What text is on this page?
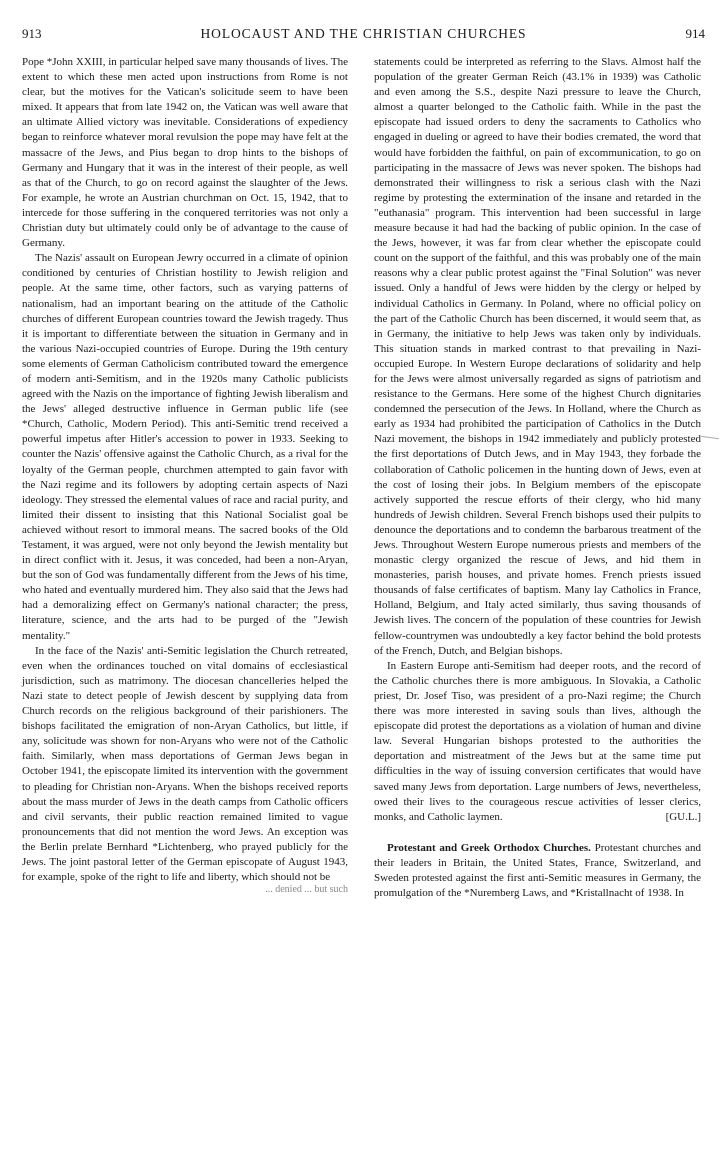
913	HOLOCAUST AND THE CHRISTIAN CHURCHES	914

Pope *John XXIII, in particular helped save many thousands of lives. The extent to which these men acted upon instructions from Rome is not clear, but the motives for the Vatican's solicitude seem to have been mixed. It appears that from late 1942 on, the Vatican was well aware that an ultimate Allied victory was inevitable. Considerations of expediency began to reinforce whatever moral revulsion the pope may have felt at the massacre of the Jews, and Pius began to drop hints to the bishops of Germany and Hungary that it was in the interest of their people, as well as that of the Church, to go on record against the slaughter of the Jews. For example, he wrote an Austrian churchman on Oct. 15, 1942, that to intercede for those suffering in the conquered territories was not only a Christian duty but ultimately could only be of advantage to the cause of Germany.

The Nazis' assault on European Jewry occurred in a climate of opinion conditioned by centuries of Christian hostility to Jewish religion and people. At the same time, other factors, such as varying patterns of nationalism, had an important bearing on the attitude of the Catholic churches of different European countries toward the Jewish tragedy. Thus it is important to differentiate between the situation in Germany and in the various Nazi-occupied countries of Europe. During the 19th century some elements of German Catholicism contributed toward the emergence of modern anti-Semitism, and in the 1920s many Catholic publicists agreed with the Nazis on the importance of fighting Jewish liberalism and the Jews' alleged destructive influence in German public life (see *Church, Catholic, Modern Period). This anti-Semitic trend received a powerful impetus after Hitler's accession to power in 1933. Seeking to counter the Nazis' offensive against the Catholic Church, as a rival for the loyalty of the German people, churchmen attempted to gain favor with the Nazi regime and its followers by adopting certain aspects of Nazi ideology. They stressed the elemental values of race and racial purity, and limited their dissent to insisting that this National Socialist goal be achieved without resort to immoral means. The sacred books of the Old Testament, it was argued, were not only beyond the Jewish mentality but in direct conflict with it. Jesus, it was conceded, had been a non-Aryan, but the son of God was fundamentally different from the Jews of his time, who hated and eventually murdered him. They also said that the Jews had had a demoralizing effect on Germany's national character; the press, literature, science, and the arts had to be purged of the "Jewish mentality."

In the face of the Nazis' anti-Semitic legislation the Church retreated, even when the ordinances touched on vital domains of ecclesiastical jurisdiction, such as matrimony. The diocesan chancelleries helped the Nazi state to detect people of Jewish descent by supplying data from Church records on the religious background of their parishioners. The bishops facilitated the emigration of non-Aryan Catholics, but little, if any, solicitude was shown for non-Aryans who were not of the Catholic faith. Similarly, when mass deportations of German Jews began in October 1941, the episcopate limited its intervention with the government to pleading for Christian non-Aryans. When the bishops received reports about the mass murder of Jews in the death camps from Catholic officers and civil servants, their public reaction remained limited to vague pronouncements that did not mention the word Jews. An exception was the Berlin prelate Bernhard *Lichtenberg, who prayed publicly for the Jews. The joint pastoral letter of the German episcopate of August 1943, for example, spoke of the right to life and liberty, which should not be

... denied ... but such

statements could be interpreted as referring to the Slavs. Almost half the population of the greater German Reich (43.1% in 1939) was Catholic and even among the S.S., despite Nazi pressure to leave the Church, almost a quarter belonged to the Catholic faith. While in the past the episcopate had issued orders to deny the sacraments to Catholics who engaged in dueling or agreed to have their bodies cremated, the word that would have forbidden the faithful, on pain of excommunication, to go on participating in the massacre of Jews was never spoken. The bishops had demonstrated their willingness to risk a serious clash with the Nazi regime by protesting the extermination of the insane and retarded in the "euthanasia" program. This intervention had been successful in large measure because it had had the backing of public opinion. In the case of the Jews, however, it was far from clear whether the episcopate could count on the support of the faithful, and this was probably one of the main reasons why a clear public protest against the "Final Solution" was never issued. Only a handful of Jews were hidden by the clergy or helped by individual Catholics in Germany. In Poland, where no official policy on the part of the Catholic Church has been discerned, it would seem that, as in Germany, the initiative to help Jews was taken only by individuals. This situation stands in marked contrast to that prevailing in Nazi-occupied Europe. In Western Europe declarations of solidarity and help for the Jews were almost universally regarded as signs of patriotism and resistance to the Germans. Here some of the highest Church dignitaries condemned the persecution of the Jews. In Holland, where the Church as early as 1934 had prohibited the participation of Catholics in the Dutch Nazi movement, the bishops in 1942 immediately and publicly protested the first deportations of Dutch Jews, and in May 1943, they forbade the collaboration of Catholic policemen in the hunting down of Jews, even at the cost of losing their jobs. In Belgium members of the episcopate actively supported the rescue efforts of their clergy, who hid many hundreds of Jewish children. Several French bishops used their pulpits to denounce the deportations and to condemn the barbarous treatment of the Jews. Throughout Western Europe numerous priests and members of the monastic clergy organized the rescue of Jews, and hid them in monasteries, parish houses, and private homes. French priests issued thousands of false certificates of baptism. Many lay Catholics in France, Holland, Belgium, and Italy acted similarly, thus saving thousands of Jewish lives. The concern of the population of these countries for Jewish fellow-countrymen was undoubtedly a key factor behind the bold protests of the French, Dutch, and Belgian bishops.

In Eastern Europe anti-Semitism had deeper roots, and the record of the Catholic churches there is more ambiguous. In Slovakia, a Catholic priest, Dr. Josef Tiso, was president of a pro-Nazi regime; the Church there was more interested in saving souls than lives, although the episcopate did protest the deportations as a violation of human and divine law. Several Hungarian bishops protested to the authorities the deportation and mistreatment of the Jews but at the same time put difficulties in the way of issuing conversion certificates that would have saved many Jews from deportation. Large numbers of Jews, nevertheless, owed their lives to the courageous rescue activities of lesser clerics, monks, and Catholic laymen.	[GU.L.]

Protestant and Greek Orthodox Churches. Protestant churches and their leaders in Britain, the United States, France, Switzerland, and Sweden protested against the first anti-Semitic measures in Germany, the promulgation of the *Nuremberg Laws, and *Kristallnacht of 1938. In
